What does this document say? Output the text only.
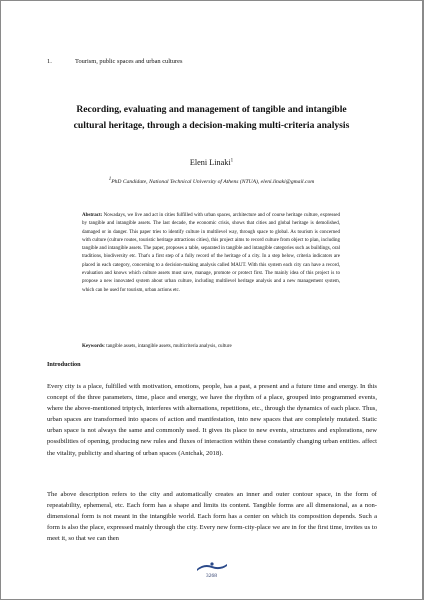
1.	Tourism, public spaces and urban cultures
Recording, evaluating and management of tangible and intangible cultural heritage, through a decision-making multi-criteria analysis
Eleni Linaki$^1$
$^1$PhD Candidate, National Technical University of Athens (NTUA), eleni.linaki@gmail.com
Abstract: Nowadays, we live and act in cities fulfilled with urban spaces, architecture and of course heritage culture, expressed by tangible and intangible assets. The last decade, the economic crisis, shows that cities and global heritage is demolished, damaged or in danger. This paper tries to identify culture in multilevel way, through space to global. As tourism is concerned with culture (culture routes, touristic heritage attractions cities), this project aims to record culture from object to plan, including tangible and intangible assets. The paper, proposes a table, separated in tangible and intangible categories such as buildings, oral traditions, biodiversity etc. That's a first step of a fully record of the heritage of a city. In a step below, criteria indicators are placed in each category, concerning to a decision-making analysis called MAUT. With this system each city can have a record, evaluation and knows which culture assets must save, manage, promote or protect first. The mainly idea of this project is to propose a new innovated system about urban culture, including multilevel heritage analysis and a new management system, which can be used for tourism, urban actions etc.
Keywords: tangible assets, intangible assets, multicriteria analysis, culture
Introduction
Every city is a place, fulfilled with motivation, emotions, people, has a past, a present and a future time and energy. In this concept of the three parameters, time, place and energy, we have the rhythm of a place, grouped into programmed events, where the above-mentioned triptych, interferes with alternations, repetitions, etc., through the dynamics of each place. Thus, urban spaces are transformed into spaces of action and manifestation, into new spaces that are completely mutated. Static urban space is not always the same and commonly used. It gives its place to new events, structures and explorations, new possibilities of opening, producing new rules and fluxes of interaction within these constantly changing urban entities. affect the vitality, publicity and sharing of urban spaces (Antchak, 2018).
The above description refers to the city and automatically creates an inner and outer contour space, in the form of repeatability, ephemeral, etc. Each form has a shape and limits its content. Tangible forms are all dimensional, as a non-dimensional form is not meant in the intangible world. Each form has a center on which its composition depends. Such a form is also the place, expressed mainly through the city. Every new form-city-place we are in for the first time, invites us to meet it, so that we can then
3268
